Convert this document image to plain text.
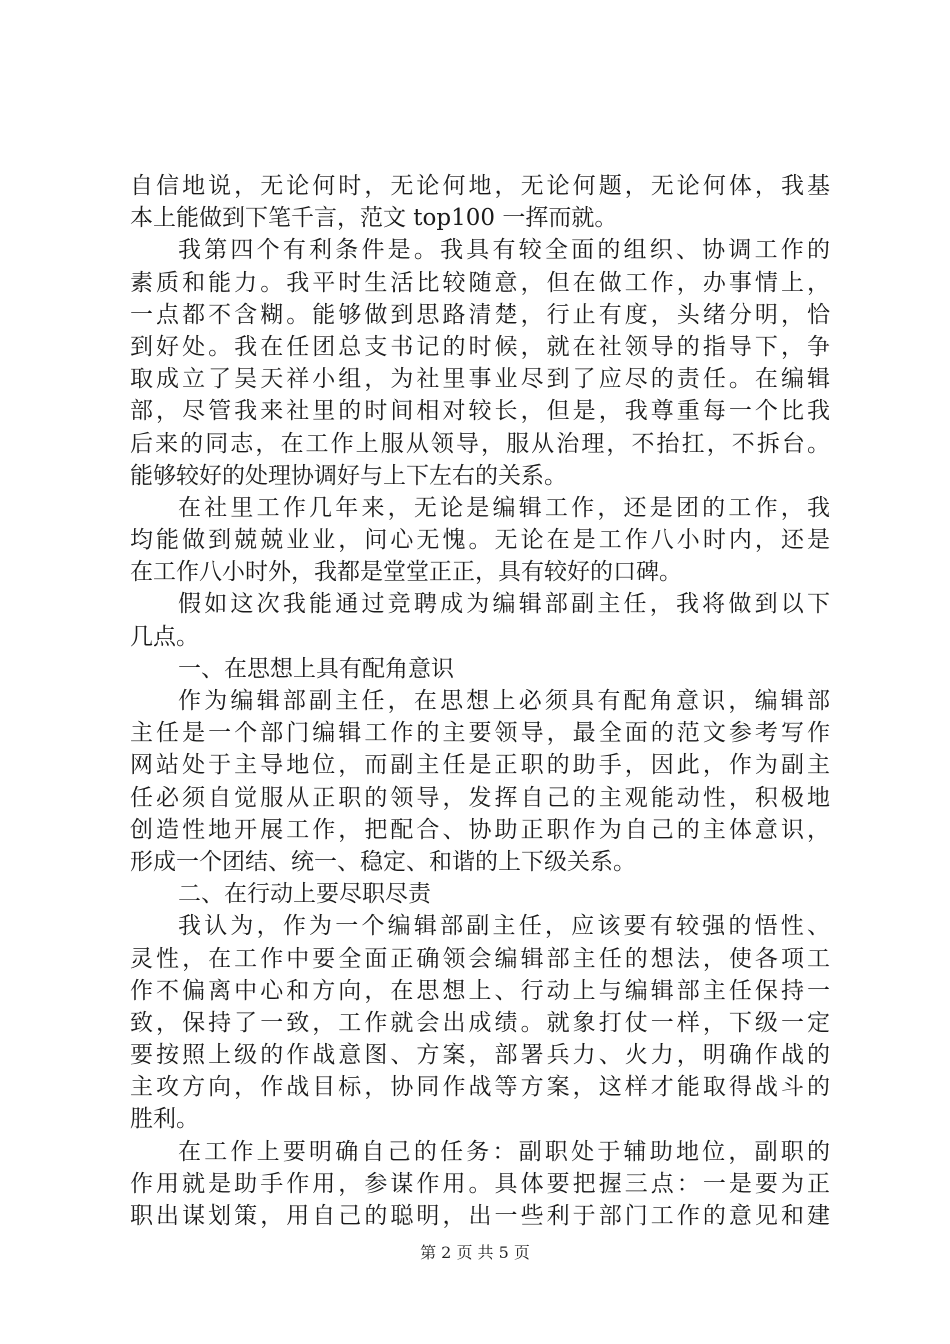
自信地说，无论何时，无论何地，无论何题，无论何体，我基
本上能做到下笔千言，范文 top100 一挥而就。
我第四个有利条件是。我具有较全面的组织、协调工作的
素质和能力。我平时生活比较随意，但在做工作，办事情上，
一点都不含糊。能够做到思路清楚，行止有度，头绪分明，恰
到好处。我在任团总支书记的时候，就在社领导的指导下，争
取成立了吴天祥小组，为社里事业尽到了应尽的责任。在编辑
部，尽管我来社里的时间相对较长，但是，我尊重每一个比我
后来的同志，在工作上服从领导，服从治理，不抬扛，不拆台。
能够较好的处理协调好与上下左右的关系。
在社里工作几年来，无论是编辑工作，还是团的工作，我
均能做到兢兢业业，问心无愧。无论在是工作八小时内，还是
在工作八小时外，我都是堂堂正正，具有较好的口碑。
假如这次我能通过竞聘成为编辑部副主任，我将做到以下
几点。
一、在思想上具有配角意识
作为编辑部副主任，在思想上必须具有配角意识，编辑部
主任是一个部门编辑工作的主要领导，最全面的范文参考写作
网站处于主导地位，而副主任是正职的助手，因此，作为副主
任必须自觉服从正职的领导，发挥自己的主观能动性，积极地
创造性地开展工作，把配合、协助正职作为自己的主体意识，
形成一个团结、统一、稳定、和谐的上下级关系。
二、在行动上要尽职尽责
我认为，作为一个编辑部副主任，应该要有较强的悟性、
灵性，在工作中要全面正确领会编辑部主任的想法，使各项工
作不偏离中心和方向，在思想上、行动上与编辑部主任保持一
致，保持了一致，工作就会出成绩。就象打仗一样，下级一定
要按照上级的作战意图、方案，部署兵力、火力，明确作战的
主攻方向，作战目标，协同作战等方案，这样才能取得战斗的
胜利。
在工作上要明确自己的任务：副职处于辅助地位，副职的
作用就是助手作用，参谋作用。具体要把握三点：一是要为正
职出谋划策，用自己的聪明，出一些利于部门工作的意见和建
第 2 页 共 5 页
